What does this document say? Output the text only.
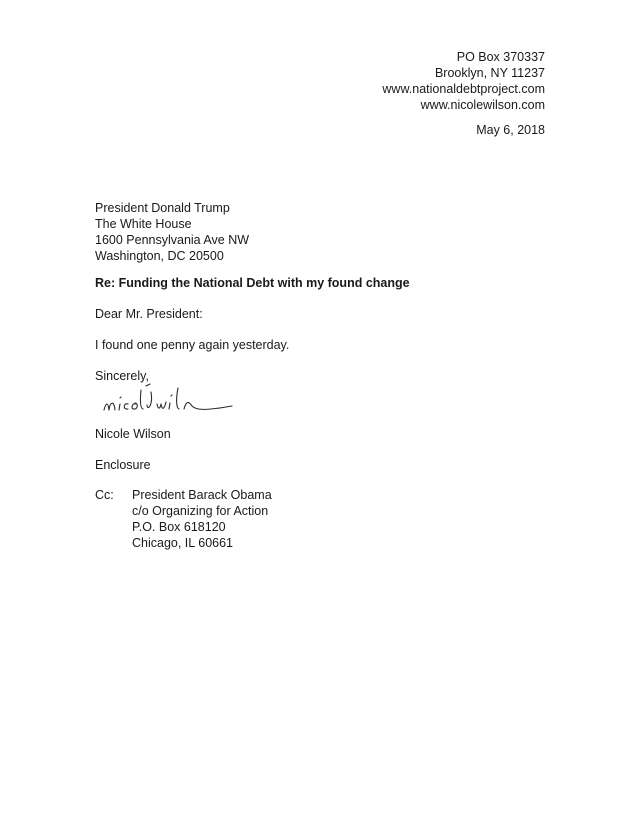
PO Box 370337
Brooklyn, NY 11237
www.nationaldebtproject.com
www.nicolewilson.com
May 6, 2018
President Donald Trump
The White House
1600 Pennsylvania Ave NW
Washington, DC 20500
Re: Funding the National Debt with my found change
Dear Mr. President:
I found one penny again yesterday.
Sincerely,
Nicole Wilson
Enclosure
Cc: President Barack Obama
c/o Organizing for Action
P.O. Box 618120
Chicago, IL 60661
